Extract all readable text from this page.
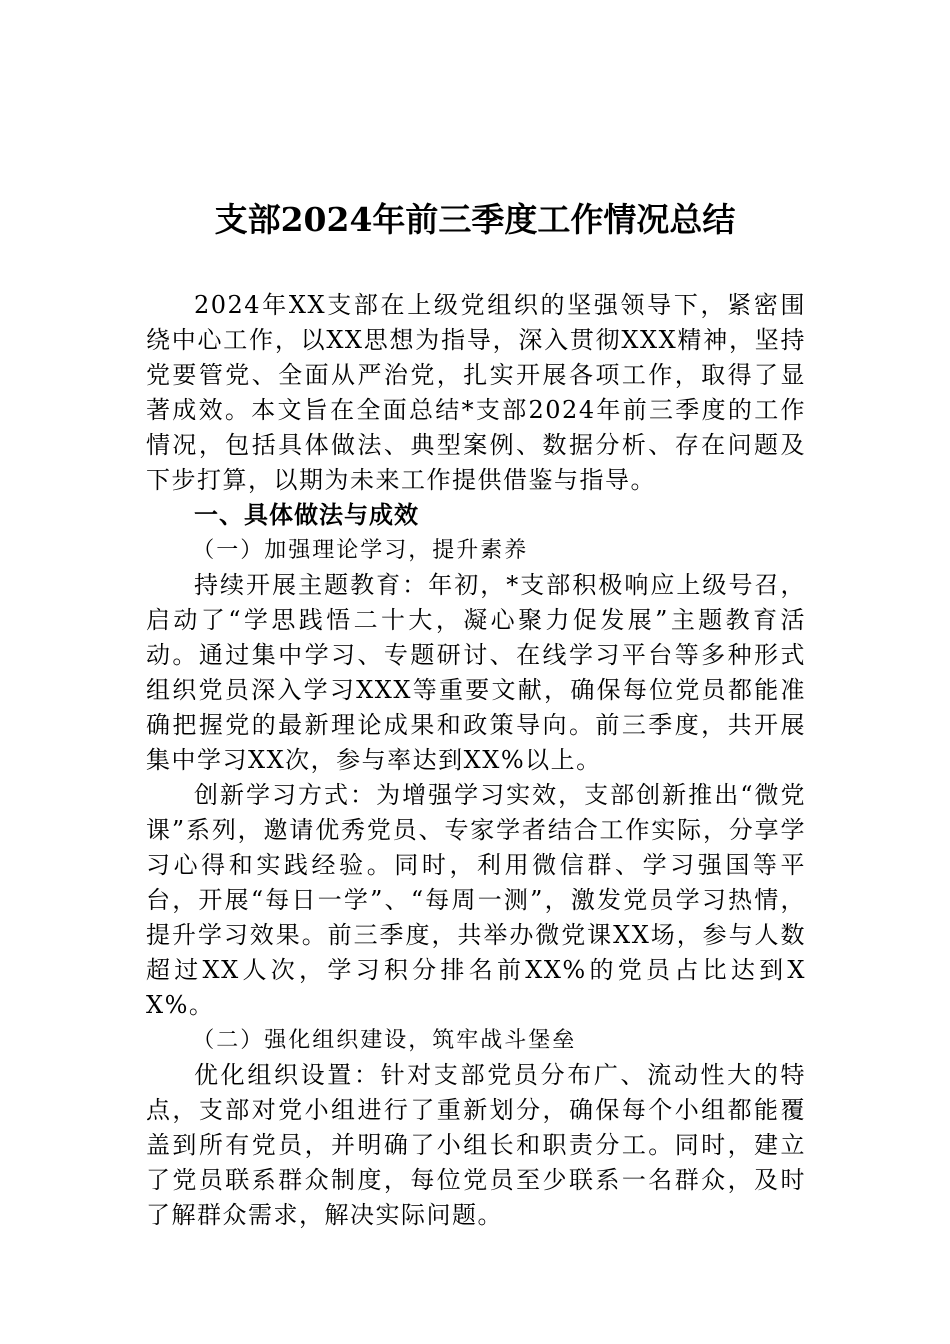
支部2024年前三季度工作情况总结

2024年XX支部在上级党组织的坚强领导下，紧密围绕中心工作，以XX思想为指导，深入贯彻XXX精神，坚持党要管党、全面从严治党，扎实开展各项工作，取得了显著成效。本文旨在全面总结*支部2024年前三季度的工作情况，包括具体做法、典型案例、数据分析、存在问题及下步打算，以期为未来工作提供借鉴与指导。

一、具体做法与成效

（一）加强理论学习，提升素养

持续开展主题教育：年初，*支部积极响应上级号召，启动了“学思践悟二十大，凝心聚力促发展”主题教育活动。通过集中学习、专题研讨、在线学习平台等多种形式组织党员深入学习XXX等重要文献，确保每位党员都能准确把握党的最新理论成果和政策导向。前三季度，共开展集中学习XX次，参与率达到XX%以上。

创新学习方式：为增强学习实效，支部创新推出“微党课”系列，邀请优秀党员、专家学者结合工作实际，分享学习心得和实践经验。同时，利用微信群、学习强国等平台，开展“每日一学”、“每周一测”，激发党员学习热情，提升学习效果。前三季度，共举办微党课XX场，参与人数超过XX人次，学习积分排名前XX%的党员占比达到XX%。

（二）强化组织建设，筑牢战斗堡垒

优化组织设置：针对支部党员分布广、流动性大的特点，支部对党小组进行了重新划分，确保每个小组都能覆盖到所有党员，并明确了小组长和职责分工。同时，建立了党员联系群众制度，每位党员至少联系一名群众，及时了解群众需求，解决实际问题。
